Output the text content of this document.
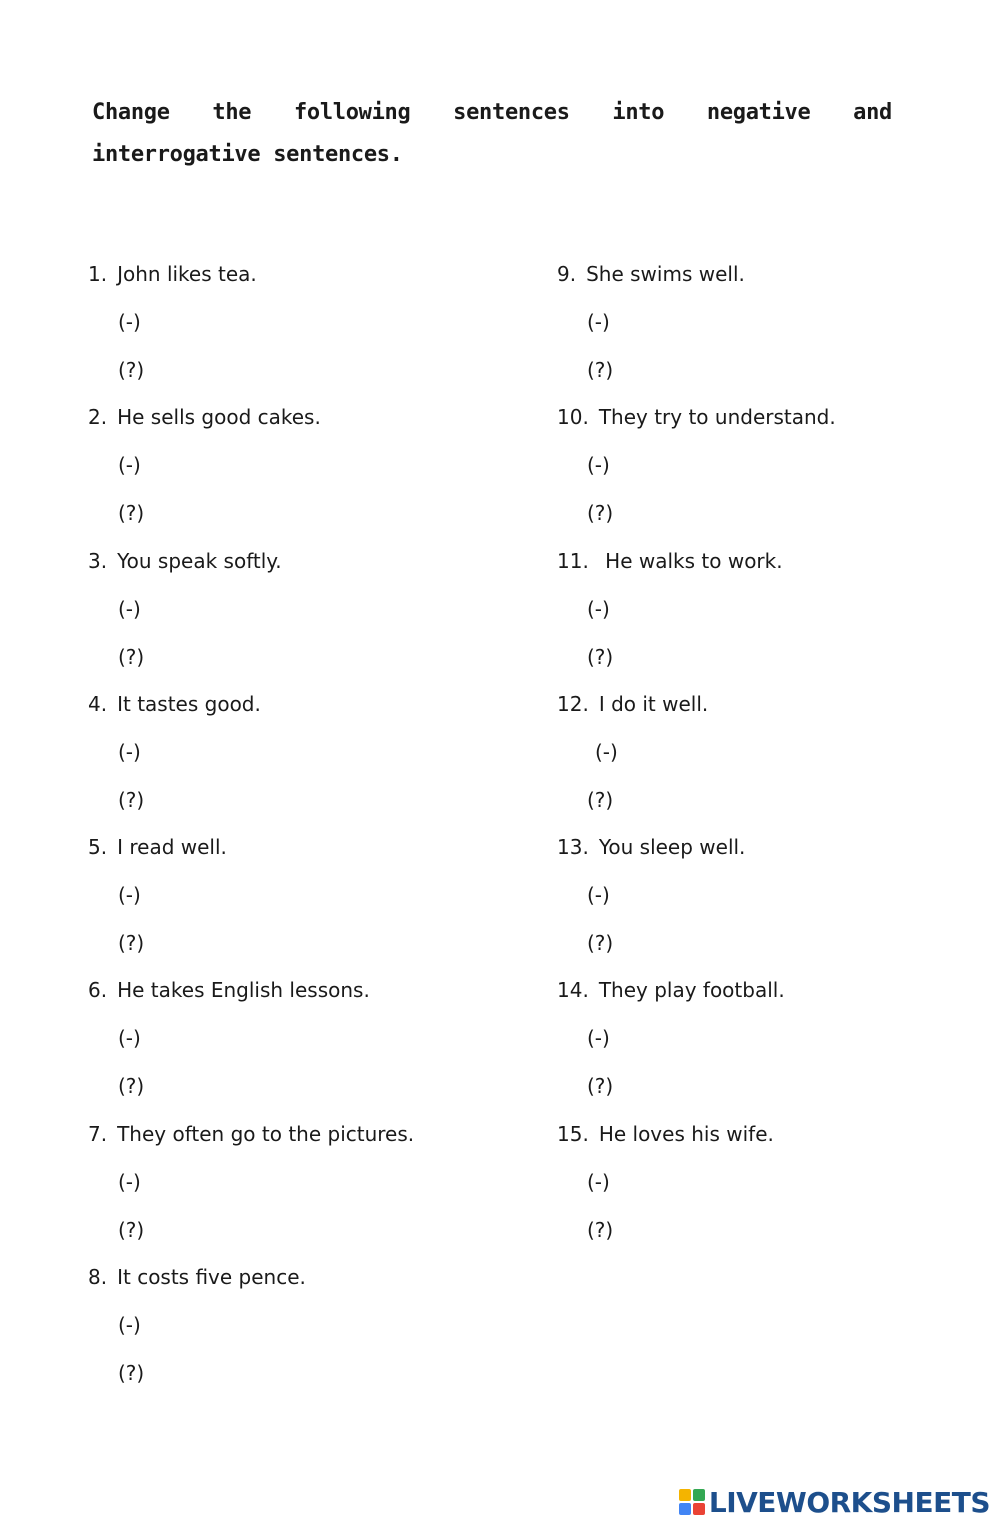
Change the following sentences into negative and interrogative sentences.

1. John likes tea.
(-)
(?)
2. He sells good cakes.
(-)
(?)
3. You speak softly.
(-)
(?)
4. It tastes good.
(-)
(?)
5. I read well.
(-)
(?)
6. He takes English lessons.
(-)
(?)
7. They often go to the pictures.
(-)
(?)
8. It costs five pence.
(-)
(?)
9. She swims well.
(-)
(?)
10. They try to understand.
(-)
(?)
11. He walks to work.
(-)
(?)
12. I do it well.
(-)
(?)
13. You sleep well.
(-)
(?)
14. They play football.
(-)
(?)
15. He loves his wife.
(-)
(?)
LIVEWORKSHEETS
